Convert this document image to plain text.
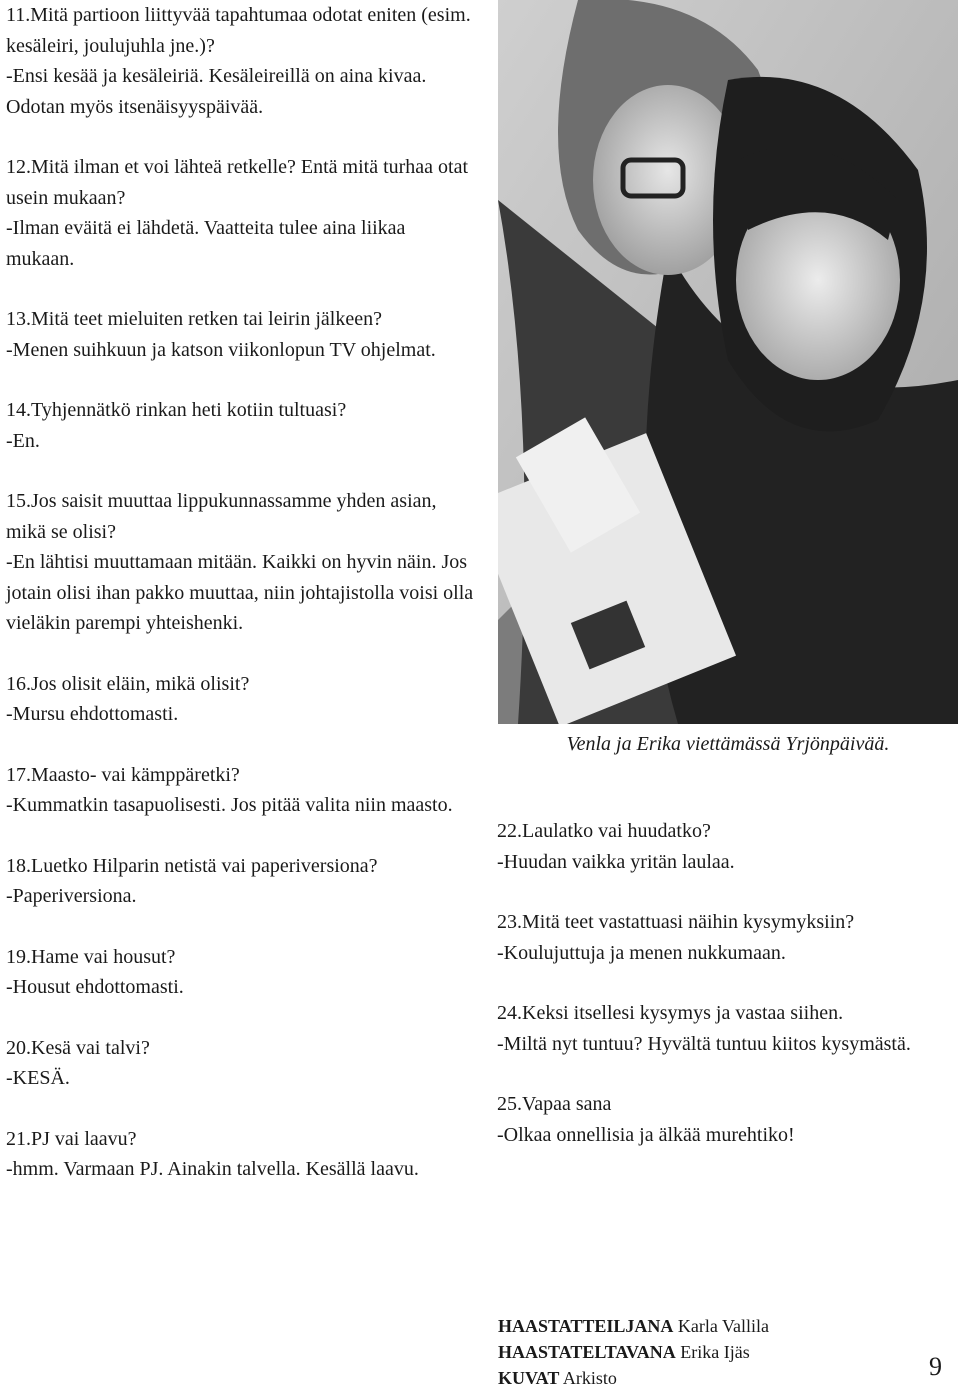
11.Mitä partioon liittyvää tapahtumaa odotat eniten (esim. kesäleiri, joulujuhla jne.)?

-Ensi kesää ja kesäleiriä. Kesäleireillä on aina kivaa. Odotan myös itsenäisyyspäivää.

12.Mitä ilman et voi lähteä retkelle? Entä mitä turhaa otat usein mukaan?

-Ilman eväitä ei lähdetä. Vaatteita tulee aina liikaa mukaan.

13.Mitä teet mieluiten retken tai leirin jälkeen?

-Menen suihkuun ja katson viikonlopun TV ohjelmat.

14.Tyhjennätkö rinkan heti kotiin tultuasi?

-En.

15.Jos saisit muuttaa lippukunnassamme yhden asian, mikä se olisi?

-En lähtisi muuttamaan mitään. Kaikki on hyvin näin. Jos jotain olisi ihan pakko muuttaa, niin johtajistolla voisi olla vieläkin parempi yhteishenki.

16.Jos olisit eläin, mikä olisit?

-Mursu ehdottomasti.

17.Maasto- vai kämppäretki?

-Kummatkin tasapuolisesti. Jos pitää valita niin maasto.

18.Luetko Hilparin netistä vai paperiversiona?

-Paperiversiona.

19.Hame vai housut?

-Housut ehdottomasti.

20.Kesä vai talvi?

-KESÄ.

21.PJ vai laavu?

-hmm. Varmaan PJ. Ainakin talvella. Kesällä laavu.

Venla ja Erika viettämässä Yrjönpäivää.

22.Laulatko vai huudatko?

-Huudan vaikka yritän laulaa.

23.Mitä teet vastattuasi näihin kysymyksiin?

-Koulujuttuja ja menen nukkumaan.

24.Keksi itsellesi kysymys ja vastaa siihen.

-Miltä nyt tuntuu? Hyvältä tuntuu kiitos kysymästä.

25.Vapaa sana

-Olkaa onnellisia ja älkää murehtiko!

HAASTATTEILJANA Karla Vallila
HAASTATELTAVANA Erika Ijäs
KUVAT Arkisto	9
